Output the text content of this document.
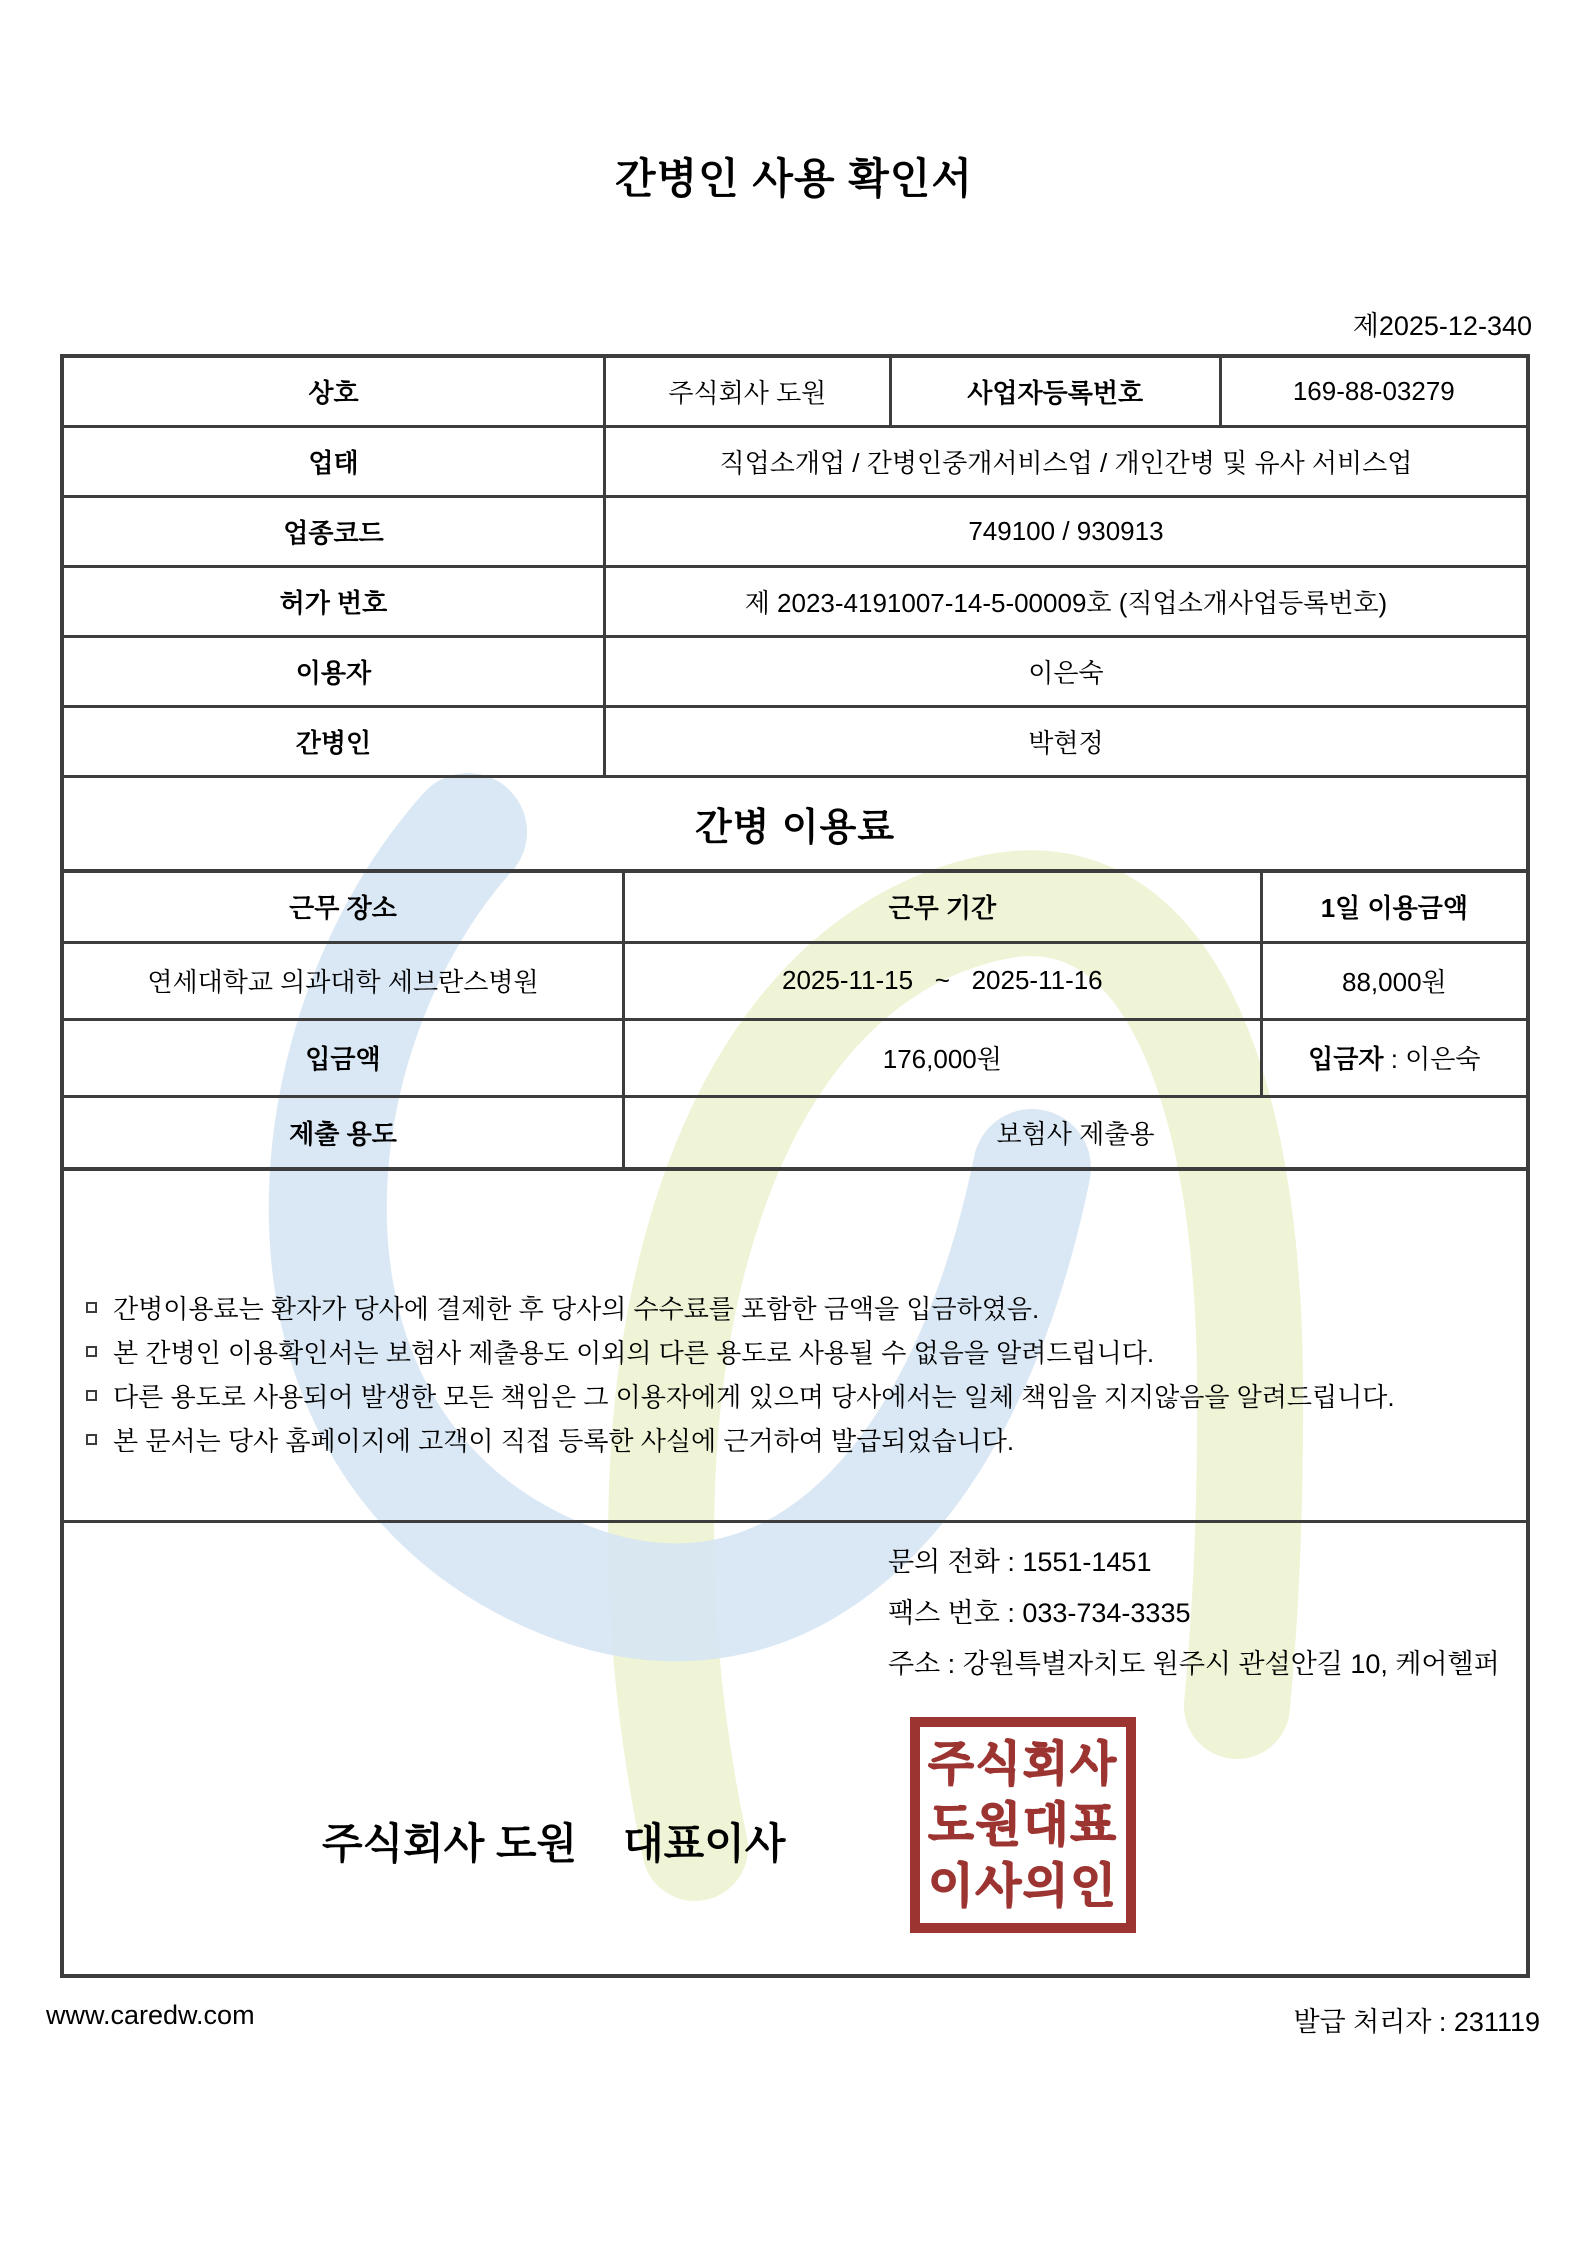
간병인 사용 확인서
제2025-12-340
상호	주식회사 도원	사업자등록번호	169-88-03279
업태	직업소개업 / 간병인중개서비스업 / 개인간병 및 유사 서비스업		
업종코드	749100 / 930913		
허가 번호	제 2023-4191007-14-5-00009호 (직업소개사업등록번호)		
이용자	이은숙		
간병인	박현정		
간병 이용료			
근무 장소	근무 기간	1일 이용금액
연세대학교 의과대학 세브란스병원	2025-11-15   ~   2025-11-16	88,000원
입금액	176,000원	입금자 : 이은숙
제출 용도	보험사 제출용	
간병이용료는 환자가 당사에 결제한 후 당사의 수수료를 포함한 금액을 입금하였음.
본 간병인 이용확인서는 보험사 제출용도 이외의 다른 용도로 사용될 수 없음을 알려드립니다.
다른 용도로 사용되어 발생한 모든 책임은 그 이용자에게 있으며 당사에서는 일체 책임을 지지않음을 알려드립니다.
본 문서는 당사 홈페이지에 고객이 직접 등록한 사실에 근거하여 발급되었습니다.

문의 전화 : 1551-1451
팩스 번호 : 033-734-3335
주소 : 강원특별자치도 원주시 관설안길 10, 케어헬퍼
주식회사 도원 대표이사
주식회사
도원대표
이사의인
www.caredw.com	발급 처리자 : 231119
